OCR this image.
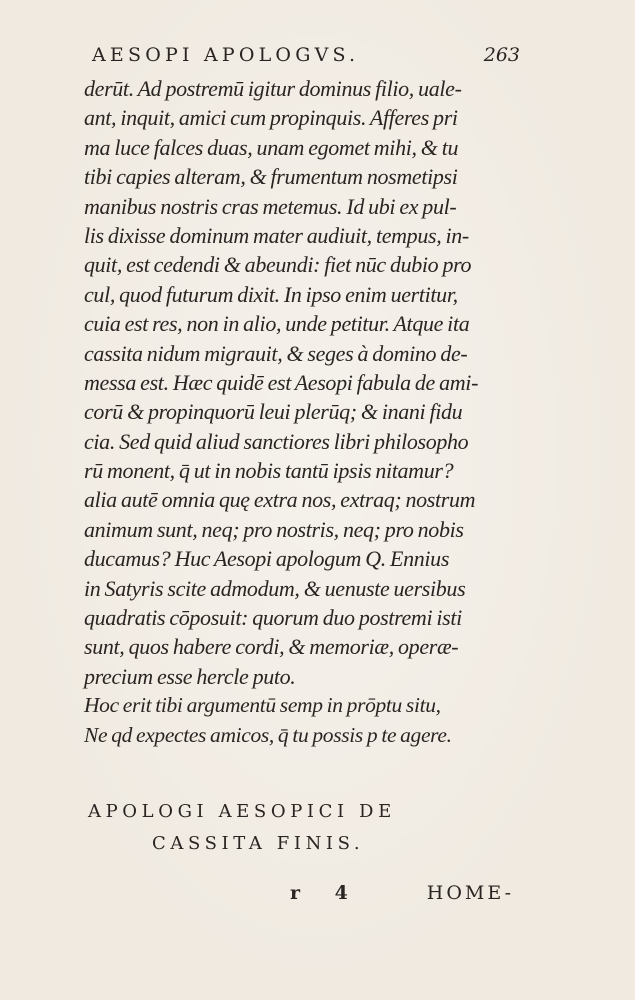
AESOPI APOLOGVS.	263
derūt. Ad postremū igitur dominus filio, uale-
ant, inquit, amici cum propinquis. Afferes pri
ma luce falces duas, unam egomet mihi, & tu
tibi capies alteram, & frumentum nosmetipsi
manibus nostris cras metemus. Id ubi ex pul-
lis dixisse dominum mater audiuit, tempus, in-
quit, est cedendi & abeundi: fiet nūc dubio pro
cul, quod futurum dixit. In ipso enim uertitur,
cuia est res, non in alio, unde petitur. Atque ita
cassita nidum migrauit, & seges à domino de-
messa est. Hæc quidē est Aesopi fabula de ami-
corū & propinquorū leui plerūq; & inani fidu
cia. Sed quid aliud sanctiores libri philosopho
rū monent, q̄ ut in nobis tantū ipsis nitamur?
alia autē omnia quę extra nos, extraq; nostrum
animum sunt, neq; pro nostris, neq; pro nobis
ducamus? Huc Aesopi apologum Q. Ennius
in Satyris scite admodum, & uenuste uersibus
quadratis cōposuit: quorum duo postremi isti
sunt, quos habere cordi, & memoriæ, operæ-
precium esse hercle puto.
Hoc erit tibi argumentū semp in prōptu situ,
Ne qd expectes amicos, q̄ tu possis p te agere.
APOLOGI AESOPICI DE
CASSITA FINIS.
r 4	HOME-
